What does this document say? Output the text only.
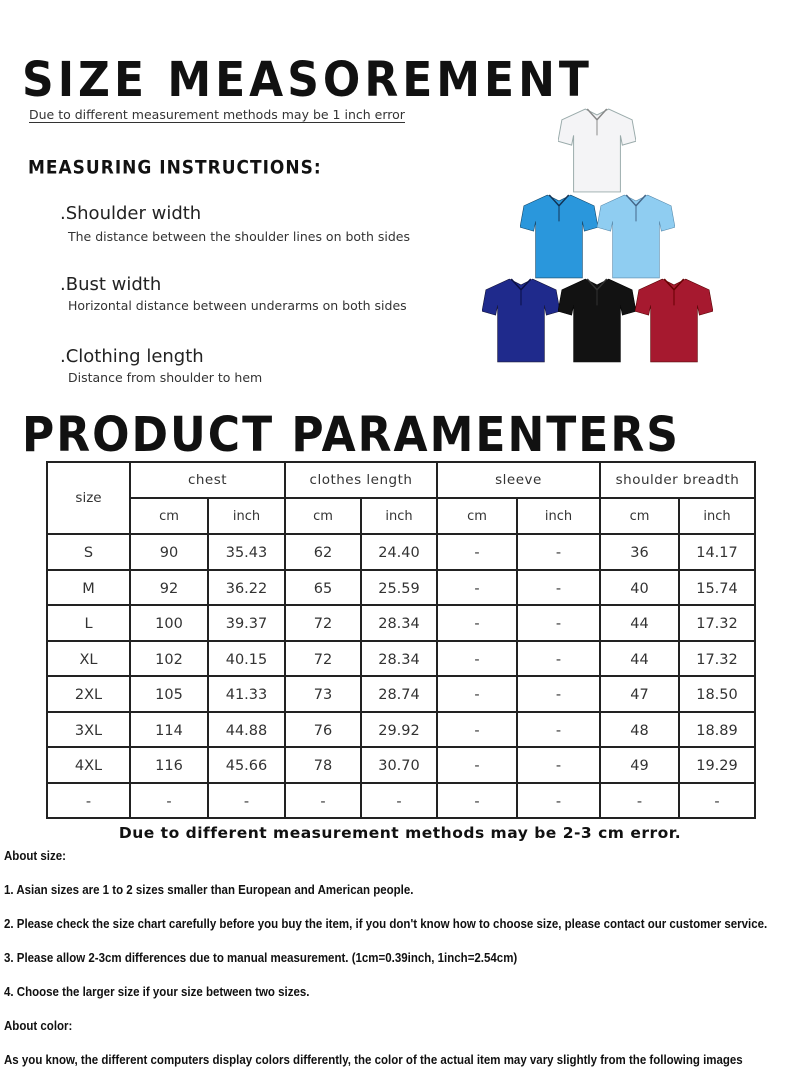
SIZE MEASOREMENT
Due to different measurement methods may be 1 inch error
MEASURING INSTRUCTIONS:
.Shoulder width
The distance between the shoulder lines on both sides
.Bust width
Horizontal distance between underarms on both sides
.Clothing length
Distance from shoulder to hem
PRODUCT PARAMENTERS
size	chest		clothes length		sleeve		shoulder breadth	
	cm	inch	cm	inch	cm	inch	cm	inch
S	90	35.43	62	24.40	-	-	36	14.17
M	92	36.22	65	25.59	-	-	40	15.74
L	100	39.37	72	28.34	-	-	44	17.32
XL	102	40.15	72	28.34	-	-	44	17.32
2XL	105	41.33	73	28.74	-	-	47	18.50
3XL	114	44.88	76	29.92	-	-	48	18.89
4XL	116	45.66	78	30.70	-	-	49	19.29
-	-	-	-	-	-	-	-	-
Due to different measurement methods may be 2-3 cm error.
About size:
1. Asian sizes are 1 to 2 sizes smaller than European and American people.
2. Please check the size chart carefully before you buy the item, if you don't know how to choose size, please contact our customer service.
3. Please allow 2-3cm differences due to manual measurement. (1cm=0.39inch, 1inch=2.54cm)
4. Choose the larger size if your size between two sizes.
About color:
As you know, the different computers display colors differently, the color of the actual item may vary slightly from the following images
